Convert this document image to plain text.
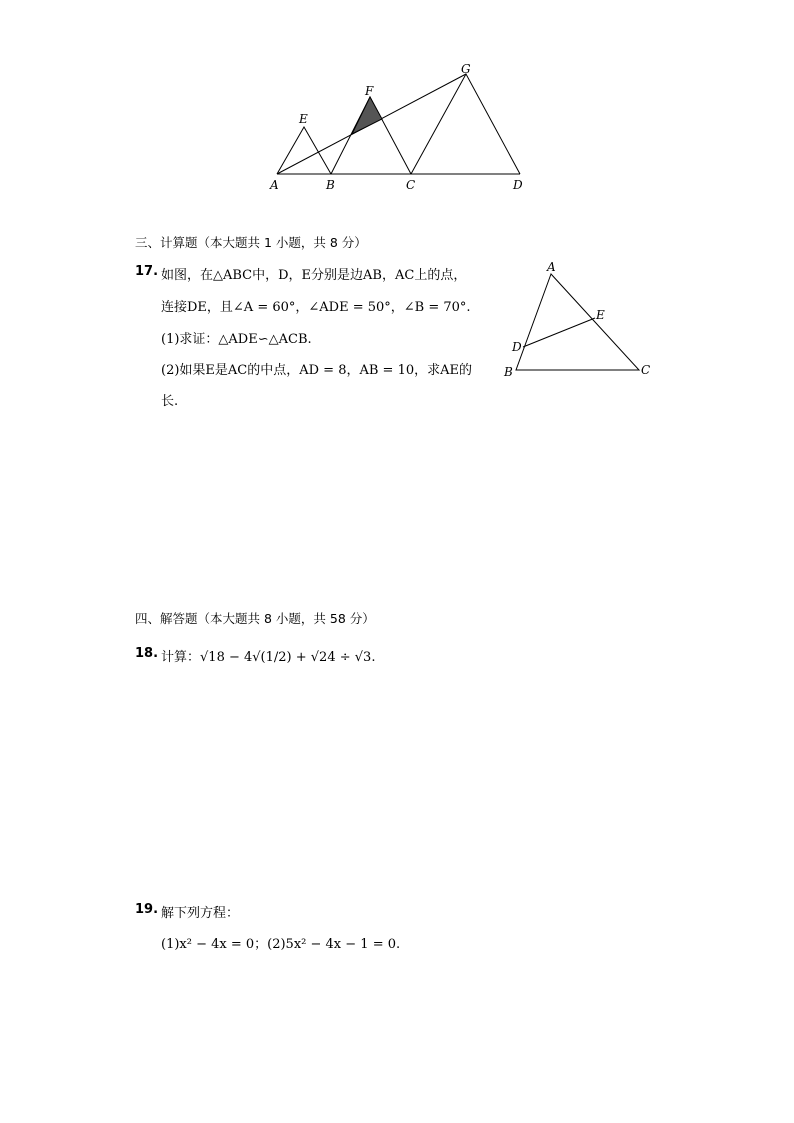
A	B	C	D
E
F
G
三、计算题（本大题共 1 小题，共 8 分）
17. 如图，在△ABC中，D，E分别是边AB，AC上的点，
连接DE，且∠A = 60°，∠ADE = 50°，∠B = 70°.
(1)求证：△ADE∽△ACB.
(2)如果E是AC的中点，AD = 8，AB = 10，求AE的
长.
A
E
D
B	C
四、解答题（本大题共 8 小题，共 58 分）
18. 计算：√18 − 4√(1/2) + √24 ÷ √3.
19. 解下列方程：
(1)x² − 4x = 0；(2)5x² − 4x − 1 = 0.
